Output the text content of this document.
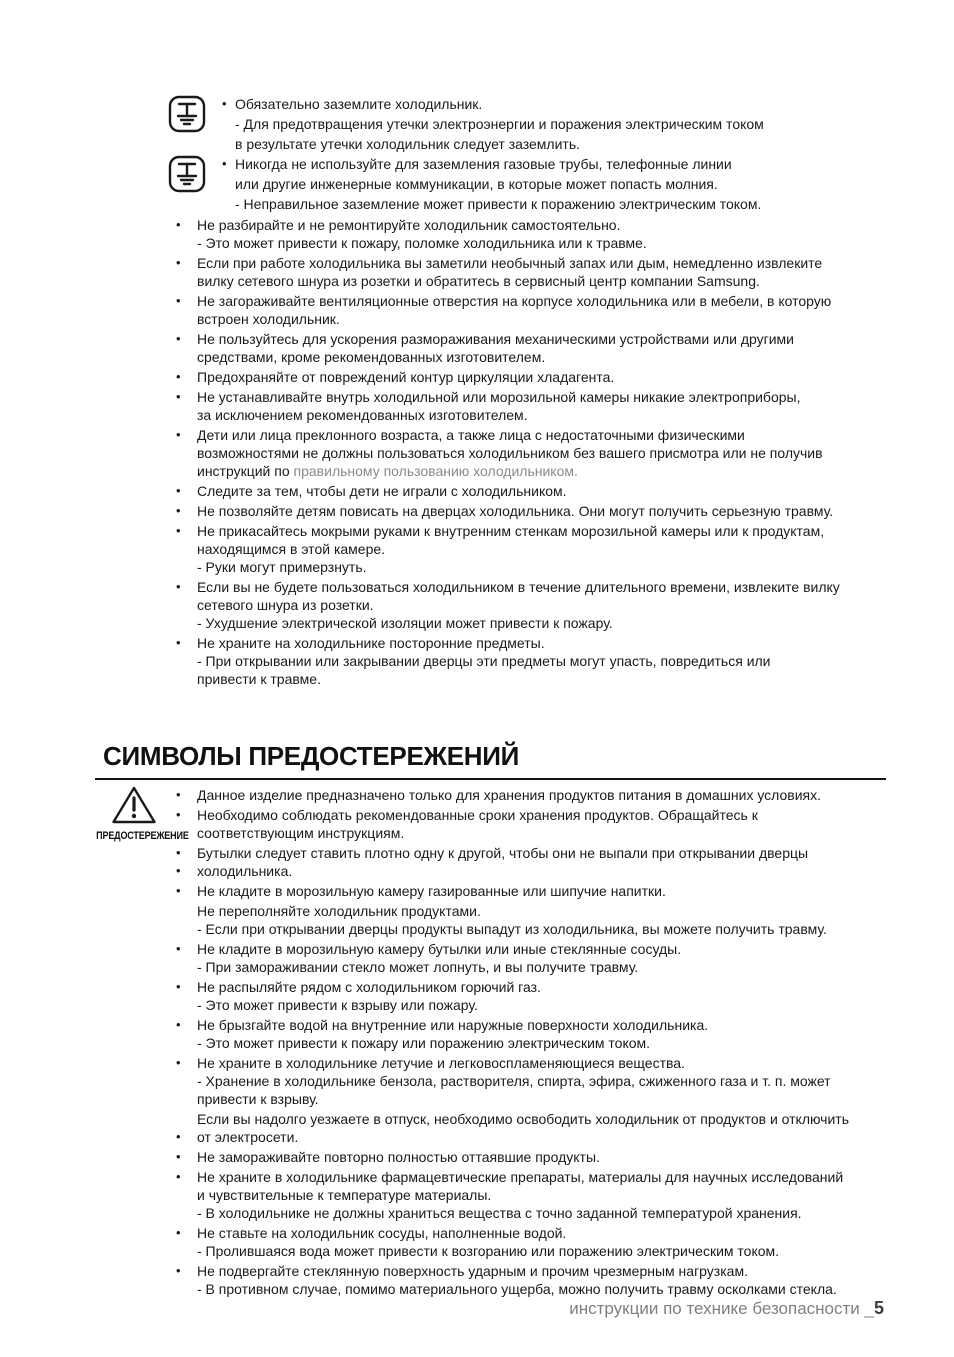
• Обязательно заземлите холодильник.
- Для предотвращения утечки электроэнергии и поражения электрическим током
в результате утечки холодильник следует заземлить.
• Никогда не используйте для заземления газовые трубы, телефонные линии
или другие инженерные коммуникации, в которые может попасть молния.
- Неправильное заземление может привести к поражению электрическим током.
•	Не разбирайте и не ремонтируйте холодильник самостоятельно.
- Это может привести к пожару, поломке холодильника или к травме.
•	Если при работе холодильника вы заметили необычный запах или дым, немедленно извлеките
вилку сетевого шнура из розетки и обратитесь в сервисный центр компании Samsung.
•	Не загораживайте вентиляционные отверстия на корпусе холодильника или в мебели, в которую
встроен холодильник.
•	Не пользуйтесь для ускорения размораживания механическими устройствами или другими
средствами, кроме рекомендованных изготовителем.
•	Предохраняйте от повреждений контур циркуляции хладагента.
•	Не устанавливайте внутрь холодильной или морозильной камеры никакие электроприборы,
за исключением рекомендованных изготовителем.
•	Дети или лица преклонного возраста, а также лица с недостаточными физическими
возможностями не должны пользоваться холодильником без вашего присмотра или не получив
инструкций по правильному пользованию холодильником.
•	Следите за тем, чтобы дети не играли с холодильником.
•	Не позволяйте детям повисать на дверцах холодильника. Они могут получить серьезную травму.
•	Не прикасайтесь мокрыми руками к внутренним стенкам морозильной камеры или к продуктам,
находящимся в этой камере.
- Руки могут примерзнуть.
•	Если вы не будете пользоваться холодильником в течение длительного времени, извлеките вилку
сетевого шнура из розетки.
- Ухудшение электрической изоляции может привести к пожару.
•	Не храните на холодильнике посторонние предметы.
- При открывании или закрывании дверцы эти предметы могут упасть, повредиться или
привести к травме.
СИМВОЛЫ ПРЕДОСТЕРЕЖЕНИЙ
ПРЕДОСТЕРЕЖЕНИЕ
•	Данное изделие предназначено только для хранения продуктов питания в домашних условиях.
•	Необходимо соблюдать рекомендованные сроки хранения продуктов. Обращайтесь к
соответствующим инструкциям.
•	Бутылки следует ставить плотно одну к другой, чтобы они не выпали при открывании дверцы
•	холодильника.
•	Не кладите в морозильную камеру газированные или шипучие напитки.
Не переполняйте холодильник продуктами.
- Если при открывании дверцы продукты выпадут из холодильника, вы можете получить травму.
•	Не кладите в морозильную камеру бутылки или иные стеклянные сосуды.
- При замораживании стекло может лопнуть, и вы получите травму.
•	Не распыляйте рядом с холодильником горючий газ.
- Это может привести к взрыву или пожару.
•	Не брызгайте водой на внутренние или наружные поверхности холодильника.
- Это может привести к пожару или поражению электрическим током.
•	Не храните в холодильнике летучие и легковоспламеняющиеся вещества.
- Хранение в холодильнике бензола, растворителя, спирта, эфира, сжиженного газа и т. п. может
привести к взрыву.
Если вы надолго уезжаете в отпуск, необходимо освободить холодильник от продуктов и отключить
•	от электросети.
•	Не замораживайте повторно полностью оттаявшие продукты.
•	Не храните в холодильнике фармацевтические препараты, материалы для научных исследований
и чувствительные к температуре материалы.
- В холодильнике не должны храниться вещества с точно заданной температурой хранения.
•	Не ставьте на холодильник сосуды, наполненные водой.
- Пролившаяся вода может привести к возгоранию или поражению электрическим током.
•	Не подвергайте стеклянную поверхность ударным и прочим чрезмерным нагрузкам.
- В противном случае, помимо материального ущерба, можно получить травму осколками стекла.
инструкции по технике безопасности _5
